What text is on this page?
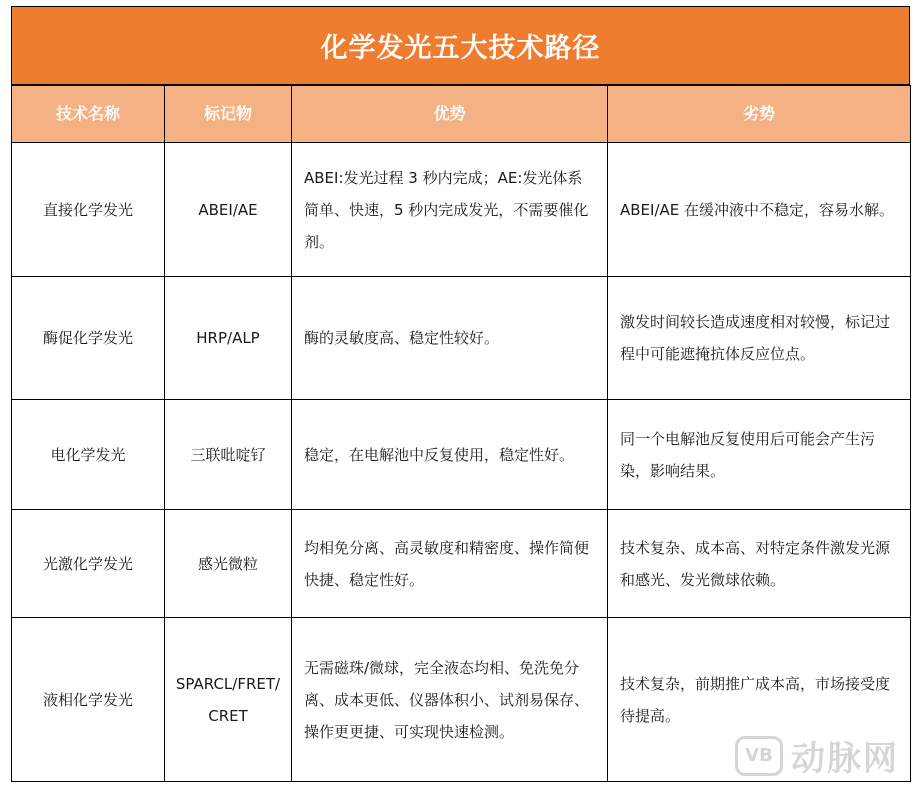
化学发光五大技术路径
技术名称	标记物	优势	劣势
直接化学发光	ABEI/AE	ABEI:发光过程 3 秒内完成；AE:发光体系简单、快速，5 秒内完成发光，不需要催化剂。	ABEI/AE 在缓冲液中不稳定，容易水解。
酶促化学发光	HRP/ALP	酶的灵敏度高、稳定性较好。	激发时间较长造成速度相对较慢，标记过程中可能遮掩抗体反应位点。
电化学发光	三联吡啶钌	稳定，在电解池中反复使用，稳定性好。	同一个电解池反复使用后可能会产生污染，影响结果。
光激化学发光	感光微粒	均相免分离、高灵敏度和精密度、操作简便快捷、稳定性好。	技术复杂、成本高、对特定条件激发光源和感光、发光微球依赖。
液相化学发光	SPARCL/FRET/CRET	无需磁珠/微球，完全液态均相、免洗免分离、成本更低、仪器体积小、试剂易保存、操作更更捷、可实现快速检测。	技术复杂，前期推广成本高，市场接受度待提高。
VB 动脉网
